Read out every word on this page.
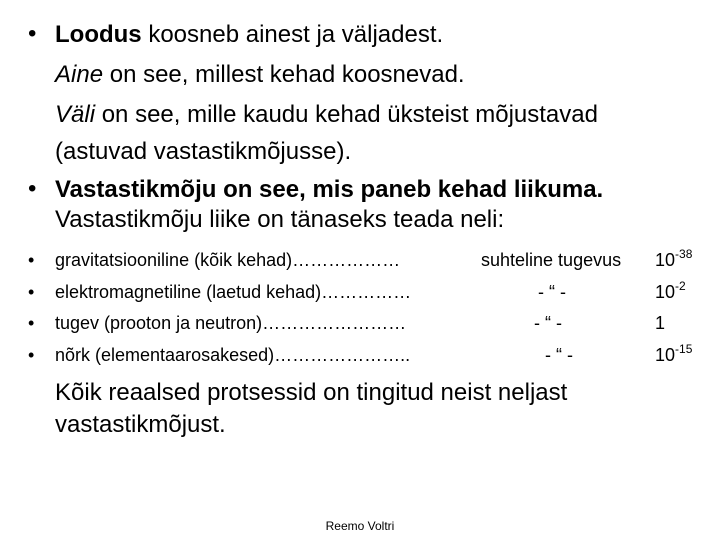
• Loodus koosneb ainest ja väljadest.
Aine on see, millest kehad koosnevad.
Väli on see, mille kaudu kehad üksteist mõjustavad
(astuvad vastastikmõjusse).
• Vastastikmõju on see, mis paneb kehad liikuma.
Vastastikmõju liike on tänaseks teada neli:
• gravitatsiooniline (kõik kehad)………………	suhteline tugevus $10^{-38}$
• elektromagnetiline (laetud kehad)……………	- “ -	$10^{-2}$
• tugev (prooton ja neutron)……………………	- “ -	1
• nõrk (elementaarosakesed)…………………..	- “ -	$10^{-15}$
Kõik reaalsed protsessid on tingitud neist neljast
vastastikmõjust.
Reemo Voltri
